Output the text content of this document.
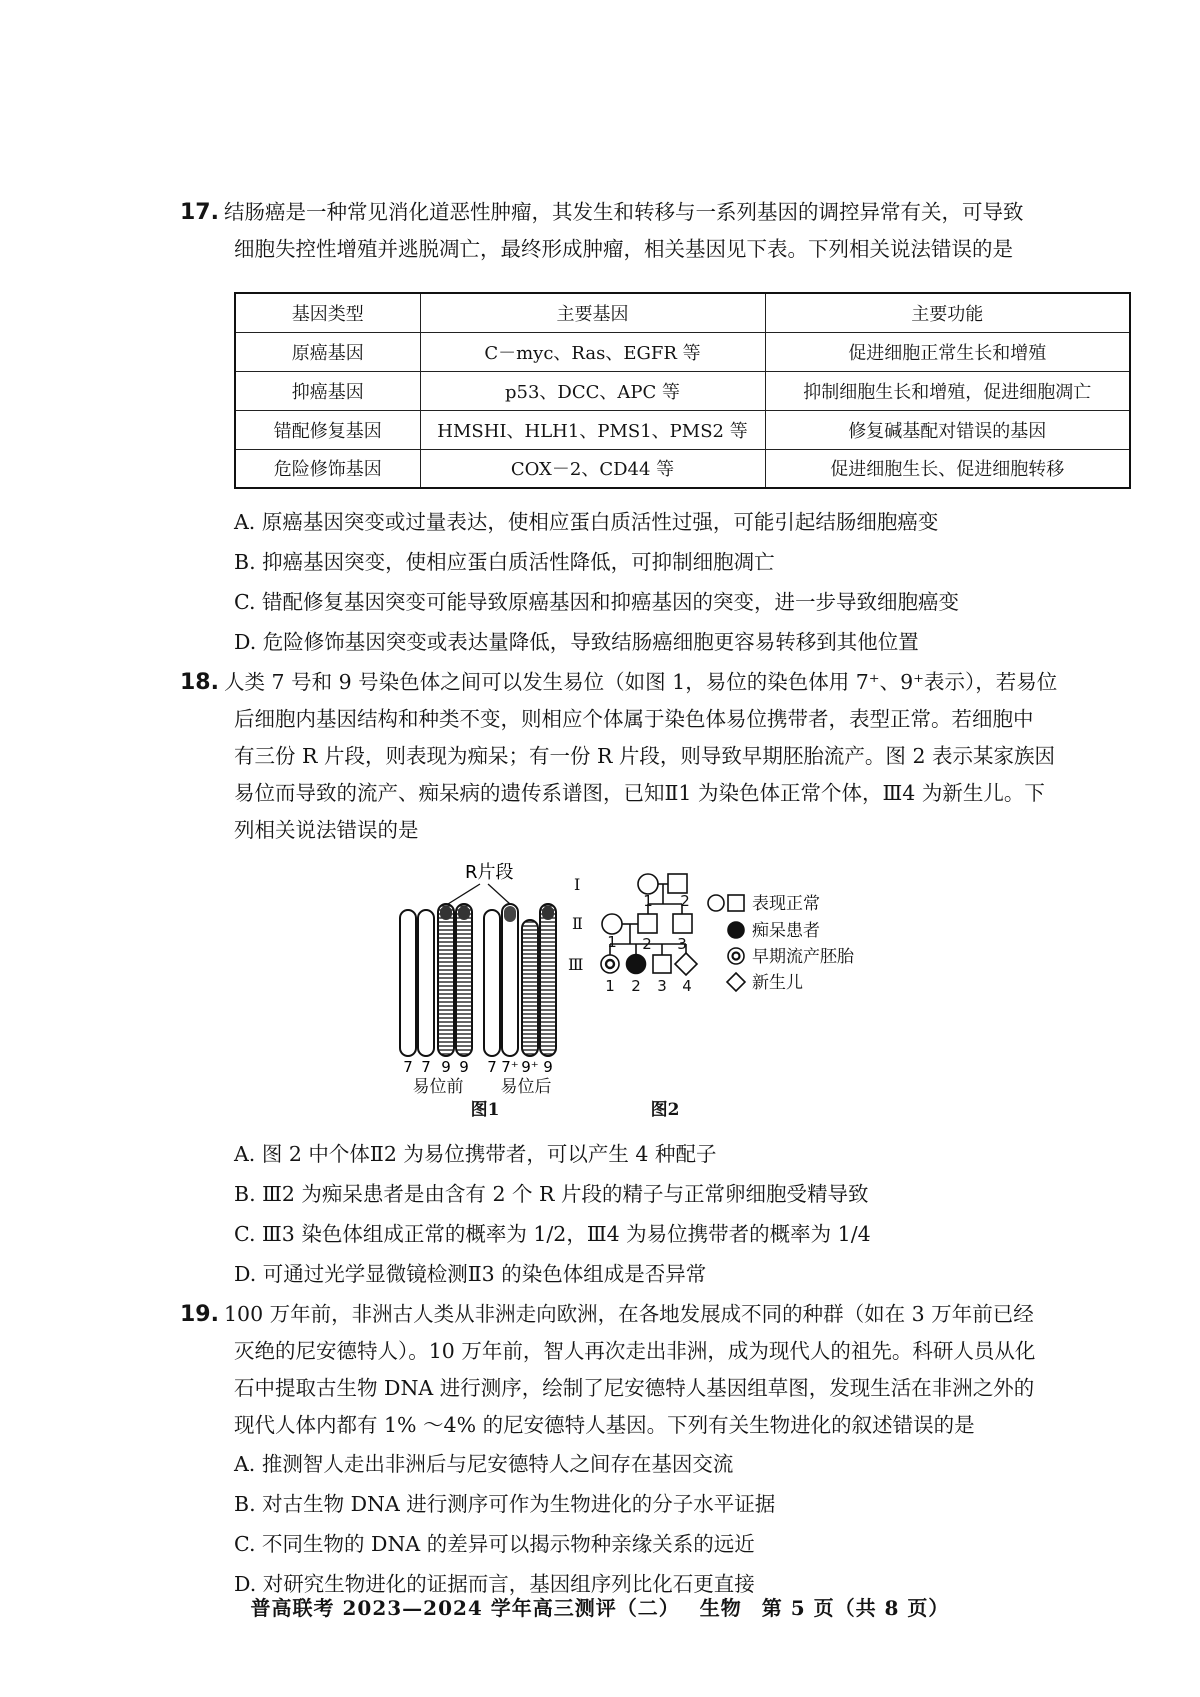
17. 结肠癌是一种常见消化道恶性肿瘤，其发生和转移与一系列基因的调控异常有关，可导致
细胞失控性增殖并逃脱凋亡，最终形成肿瘤，相关基因见下表。下列相关说法错误的是
基因类型	主要基因	主要功能
原癌基因	C－myc、Ras、EGFR 等	促进细胞正常生长和增殖
抑癌基因	p53、DCC、APC 等	抑制细胞生长和增殖，促进细胞凋亡
错配修复基因	HMSHI、HLH1、PMS1、PMS2 等	修复碱基配对错误的基因
危险修饰基因	COX－2、CD44 等	促进细胞生长、促进细胞转移
A. 原癌基因突变或过量表达，使相应蛋白质活性过强，可能引起结肠细胞癌变
B. 抑癌基因突变，使相应蛋白质活性降低，可抑制细胞凋亡
C. 错配修复基因突变可能导致原癌基因和抑癌基因的突变，进一步导致细胞癌变
D. 危险修饰基因突变或表达量降低，导致结肠癌细胞更容易转移到其他位置
18. 人类 7 号和 9 号染色体之间可以发生易位（如图 1，易位的染色体用 7⁺、9⁺表示），若易位
后细胞内基因结构和种类不变，则相应个体属于染色体易位携带者，表型正常。若细胞中
有三份 R 片段，则表现为痴呆；有一份 R 片段，则导致早期胚胎流产。图 2 表示某家族因
易位而导致的流产、痴呆病的遗传系谱图，已知Ⅱ1 为染色体正常个体，Ⅲ4 为新生儿。下
列相关说法错误的是
R片段
7 7 9 9 7 7⁺ 9⁺ 9
Ⅰ
Ⅱ
Ⅲ
1 2
1 2 3
1 2 3 4
表现正常
痴呆患者
早期流产胚胎
新生儿
易位前 易位后
图1	图2
A. 图 2 中个体Ⅱ2 为易位携带者，可以产生 4 种配子
B. Ⅲ2 为痴呆患者是由含有 2 个 R 片段的精子与正常卵细胞受精导致
C. Ⅲ3 染色体组成正常的概率为 1/2，Ⅲ4 为易位携带者的概率为 1/4
D. 可通过光学显微镜检测Ⅱ3 的染色体组成是否异常
19. 100 万年前，非洲古人类从非洲走向欧洲，在各地发展成不同的种群（如在 3 万年前已经
灭绝的尼安德特人）。10 万年前，智人再次走出非洲，成为现代人的祖先。科研人员从化
石中提取古生物 DNA 进行测序，绘制了尼安德特人基因组草图，发现生活在非洲之外的
现代人体内都有 1% ～4% 的尼安德特人基因。下列有关生物进化的叙述错误的是
A. 推测智人走出非洲后与尼安德特人之间存在基因交流
B. 对古生物 DNA 进行测序可作为生物进化的分子水平证据
C. 不同生物的 DNA 的差异可以揭示物种亲缘关系的远近
D. 对研究生物进化的证据而言，基因组序列比化石更直接
普高联考 2023—2024 学年高三测评（二） 生物 第 5 页（共 8 页）
